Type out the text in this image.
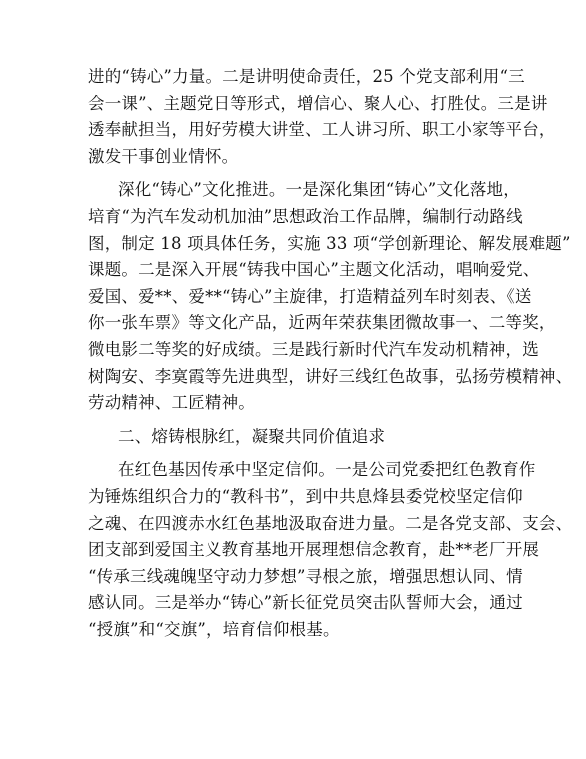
进的“铸心”力量。二是讲明使命责任，25 个党支部利用“三
会一课”、主题党日等形式，增信心、聚人心、打胜仗。三是讲
透奉献担当，用好劳模大讲堂、工人讲习所、职工小家等平台，
激发干事创业情怀。
深化“铸心”文化推进。一是深化集团“铸心”文化落地，
培育“为汽车发动机加油”思想政治工作品牌，编制行动路线
图，制定 18 项具体任务，实施 33 项“学创新理论、解发展难题”
课题。二是深入开展“铸我中国心”主题文化活动，唱响爱党、
爱国、爱**、爱**“铸心”主旋律，打造精益列车时刻表、《送
你一张车票》等文化产品，近两年荣获集团微故事一、二等奖，
微电影二等奖的好成绩。三是践行新时代汽车发动机精神，选
树陶安、李寞霞等先进典型，讲好三线红色故事，弘扬劳模精神、
劳动精神、工匠精神。
二、熔铸根脉红，凝聚共同价值追求
在红色基因传承中坚定信仰。一是公司党委把红色教育作
为锤炼组织合力的“教科书”，到中共息烽县委党校坚定信仰
之魂、在四渡赤水红色基地汲取奋进力量。二是各党支部、支会、
团支部到爱国主义教育基地开展理想信念教育，赴**老厂开展
“传承三线魂魄坚守动力梦想”寻根之旅，增强思想认同、情
感认同。三是举办“铸心”新长征党员突击队誓师大会，通过
“授旗”和“交旗”，培育信仰根基。
